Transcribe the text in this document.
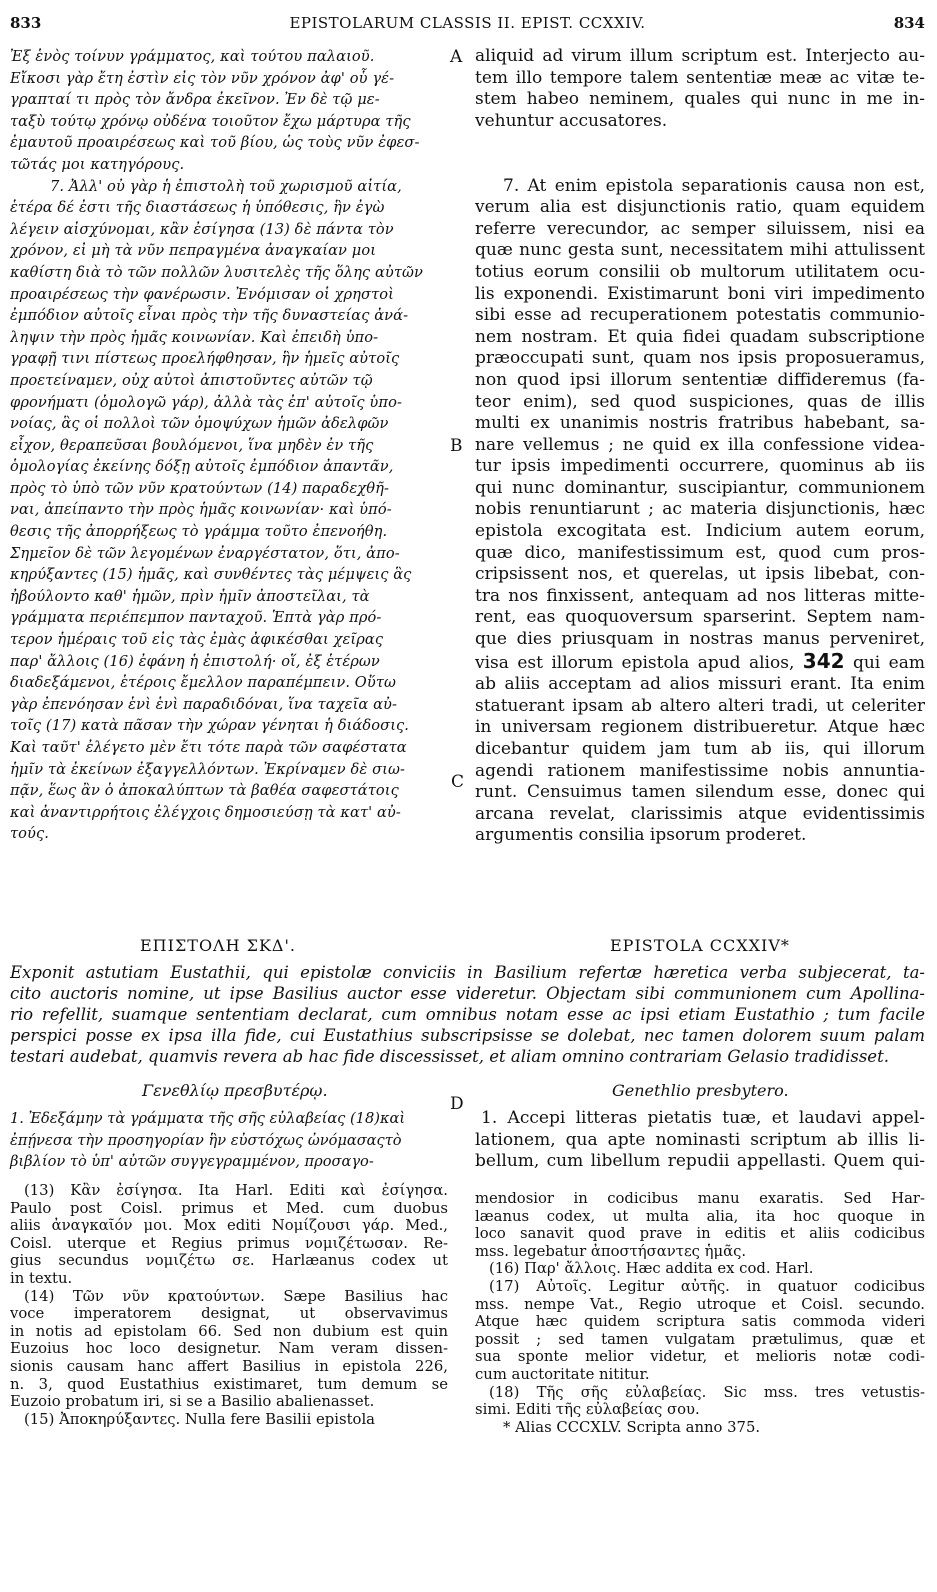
833	EPISTOLARUM CLASSIS II. EPIST. CCXXIV.	834
Ἐξ ἑνὸς τοίνυν γράμματος, καὶ τούτου παλαιοῦ.
Εἴκοσι γὰρ ἔτη ἐστὶν εἰς τὸν νῦν χρόνον ἀφ' οὗ γέ-
γραπταί τι πρὸς τὸν ἄνδρα ἐκεῖνον. Ἐν δὲ τῷ με-
ταξὺ τούτῳ χρόνῳ οὐδένα τοιοῦτον ἔχω μάρτυρα τῆς
ἐμαυτοῦ προαιρέσεως καὶ τοῦ βίου, ὡς τοὺς νῦν ἐφεσ-
τῶτάς μοι κατηγόρους.
7. Ἀλλ' οὐ γὰρ ἡ ἐπιστολὴ τοῦ χωρισμοῦ αἰτία,
ἑτέρα δέ ἐστι τῆς διαστάσεως ἡ ὑπόθεσις, ἣν ἐγὼ
λέγειν αἰσχύνομαι, κἂν ἐσίγησα (13) δὲ πάντα τὸν
χρόνον, εἰ μὴ τὰ νῦν πεπραγμένα ἀναγκαίαν μοι
καθίστη διὰ τὸ τῶν πολλῶν λυσιτελὲς τῆς ὅλης αὐτῶν
προαιρέσεως τὴν φανέρωσιν. Ἐνόμισαν οἱ χρηστοὶ
ἐμπόδιον αὐτοῖς εἶναι πρὸς τὴν τῆς δυναστείας ἀνά-
ληψιν τὴν πρὸς ἡμᾶς κοινωνίαν. Καὶ ἐπειδὴ ὑπο-
γραφῇ τινι πίστεως προελήφθησαν, ἣν ἡμεῖς αὐτοῖς
προετείναμεν, οὐχ αὐτοὶ ἀπιστοῦντες αὐτῶν τῷ
φρονήματι (ὁμολογῶ γάρ), ἀλλὰ τὰς ἐπ' αὐτοῖς ὑπο-
νοίας, ἃς οἱ πολλοὶ τῶν ὁμοψύχων ἡμῶν ἀδελφῶν
εἶχον, θεραπεῦσαι βουλόμενοι, ἵνα μηδὲν ἐν τῆς
ὁμολογίας ἐκείνης δόξῃ αὐτοῖς ἐμπόδιον ἀπαντᾶν,
πρὸς τὸ ὑπὸ τῶν νῦν κρατούντων (14) παραδεχθῆ-
ναι, ἀπείπαντο τὴν πρὸς ἡμᾶς κοινωνίαν· καὶ ὑπό-
θεσις τῆς ἀπορρήξεως τὸ γράμμα τοῦτο ἐπενοήθη.
Σημεῖον δὲ τῶν λεγομένων ἐναργέστατον, ὅτι, ἀπο-
κηρύξαντες (15) ἡμᾶς, καὶ συνθέντες τὰς μέμψεις ἃς
ἠβούλοντο καθ' ἡμῶν, πρὶν ἡμῖν ἀποστεῖλαι, τὰ
γράμματα περιέπεμπον πανταχοῦ. Ἑπτὰ γὰρ πρό-
τερον ἡμέραις τοῦ εἰς τὰς ἐμὰς ἀφικέσθαι χεῖρας
παρ' ἄλλοις (16) ἐφάνη ἡ ἐπιστολή· οἵ, ἐξ ἑτέρων
διαδεξάμενοι, ἑτέροις ἔμελλον παραπέμπειν. Οὕτω
γὰρ ἐπενόησαν ἑνὶ ἑνὶ παραδιδόναι, ἵνα ταχεῖα αὐ-
τοῖς (17) κατὰ πᾶσαν τὴν χώραν γένηται ἡ διάδοσις.
Καὶ ταῦτ' ἐλέγετο μὲν ἔτι τότε παρὰ τῶν σαφέστατα
ἡμῖν τὰ ἐκείνων ἐξαγγελλόντων. Ἐκρίναμεν δὲ σιω-
πᾷν, ἕως ἂν ὁ ἀποκαλύπτων τὰ βαθέα σαφεστάτοις
καὶ ἀναντιρρήτοις ἐλέγχοις δημοσιεύσῃ τὰ κατ' αὐ-
τούς.
aliquid ad virum illum scriptum est. Interjecto au-
tem illo tempore talem sententiæ meæ ac vitæ te-
stem habeo neminem, quales qui nunc in me in-
vehuntur accusatores.
7. At enim epistola separationis causa non est,
verum alia est disjunctionis ratio, quam equidem
referre verecundor, ac semper siluissem, nisi ea
quæ nunc gesta sunt, necessitatem mihi attulissent
totius eorum consilii ob multorum utilitatem ocu-
lis exponendi. Existimarunt boni viri impedimento
sibi esse ad recuperationem potestatis communio-
nem nostram. Et quia fidei quadam subscriptione
præoccupati sunt, quam nos ipsis proposueramus,
non quod ipsi illorum sententiæ diffideremus (fa-
teor enim), sed quod suspiciones, quas de illis
multi ex unanimis nostris fratribus habebant, sa-
nare vellemus ; ne quid ex illa confessione videa-
tur ipsis impedimenti occurrere, quominus ab iis
qui nunc dominantur, suscipiantur, communionem
nobis renuntiarunt ; ac materia disjunctionis, hæc
epistola excogitata est. Indicium autem eorum,
quæ dico, manifestissimum est, quod cum pros-
cripsissent nos, et querelas, ut ipsis libebat, con-
tra nos finxissent, antequam ad nos litteras mitte-
rent, eas quoquoversum sparserint. Septem nam-
que dies priusquam in nostras manus perveniret,
visa est illorum epistola apud alios, 342 qui eam
ab aliis acceptam ad alios missuri erant. Ita enim
statuerant ipsam ab altero alteri tradi, ut celeriter
in universam regionem distribueretur. Atque hæc
dicebantur quidem jam tum ab iis, qui illorum
agendi rationem manifestissime nobis annuntia-
runt. Censuimus tamen silendum esse, donec qui
arcana revelat, clarissimis atque evidentissimis
argumentis consilia ipsorum proderet.
A
B
C
D
ΕΠΙΣΤΟΛΗ ΣΚΔ'.	EPISTOLA CCXXIV*
Exponit astutiam Eustathii, qui epistolæ conviciis in Basilium refertæ hæretica verba subjecerat, ta-
cito auctoris nomine, ut ipse Basilius auctor esse videretur. Objectam sibi communionem cum Apollina-
rio refellit, suamque sententiam declarat, cum omnibus notam esse ac ipsi etiam Eustathio ; tum facile
perspici posse ex ipsa illa fide, cui Eustathius subscripsisse se dolebat, nec tamen dolorem suum palam
testari audebat, quamvis revera ab hac fide discessisset, et aliam omnino contrariam Gelasio tradidisset.
Γενεθλίῳ πρεσβυτέρῳ.	Genethlio presbytero.
1. Ἐδεξάμην τὰ γράμματα τῆς σῆς εὐλαβείας (18)καὶ ἐπῄνεσα τὴν προσηγορίαν ἣν εὐστόχως ὠνόμασαςτὸ βιβλίον τὸ ὑπ' αὐτῶν συγγεγραμμένον, προσαγο-
1. Accepi litteras pietatis tuæ, et laudavi appel-
lationem, qua apte nominasti scriptum ab illis li-
bellum, cum libellum repudii appellasti. Quem qui-
(13) Κἂν ἐσίγησα. Ita Harl. Editi καὶ ἐσίγησα.
Paulo post Coisl. primus et Med. cum duobus
aliis ἀναγκαῖόν μοι. Mox editi Νομίζουσι γάρ. Med.,
Coisl. uterque et Regius primus νομιζέτωσαν. Re-
gius secundus νομιζέτω σε. Harlæanus codex ut
in textu.
(14) Τῶν νῦν κρατούντων. Sæpe Basilius hac
voce imperatorem designat, ut observavimus
in notis ad epistolam 66. Sed non dubium est quin
Euzoius hoc loco designetur. Nam veram dissen-
sionis causam hanc affert Basilius in epistola 226,
n. 3, quod Eustathius existimaret, tum demum se
Euzoio probatum iri, si se a Basilio abalienasset.
(15) Ἀποκηρύξαντες. Nulla fere Basilii epistola
mendosior in codicibus manu exaratis. Sed Har-
læanus codex, ut multa alia, ita hoc quoque in
loco sanavit quod prave in editis et aliis codicibus
mss. legebatur ἀποστήσαντες ἡμᾶς.
(16) Παρ' ἄλλοις. Hæc addita ex cod. Harl.
(17) Αὐτοῖς. Legitur αὐτῆς. in quatuor codicibus
mss. nempe Vat., Regio utroque et Coisl. secundo.
Atque hæc quidem scriptura satis commoda videri
possit ; sed tamen vulgatam prætulimus, quæ et
sua sponte melior videtur, et melioris notæ codi-
cum auctoritate nititur.
(18) Τῆς σῆς εὐλαβείας. Sic mss. tres vetustis-
simi. Editi τῆς εὐλαβείας σου.
* Alias CCCXLV. Scripta anno 375.
